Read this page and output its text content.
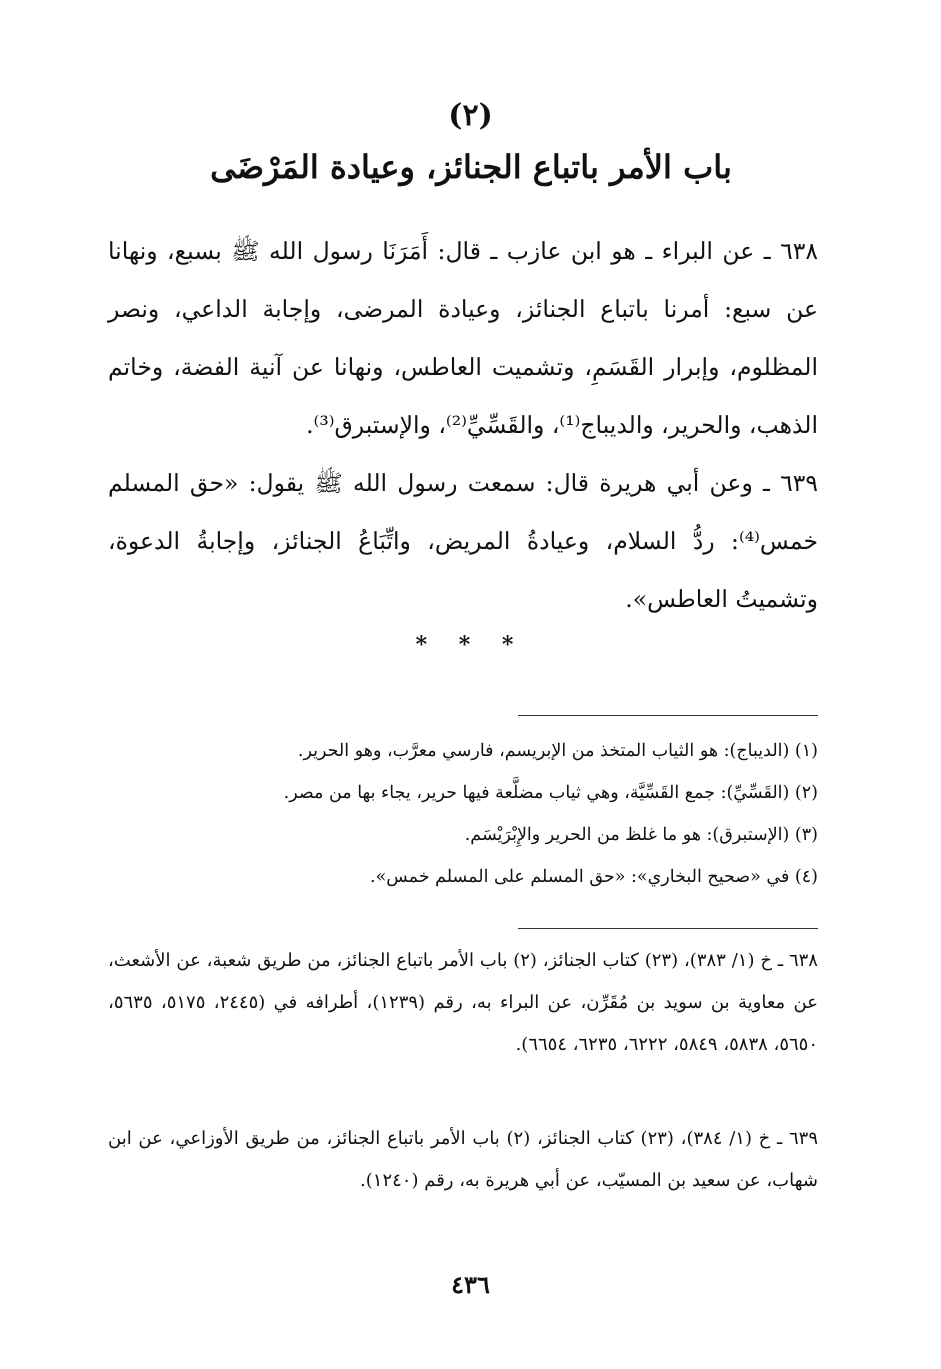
(٢)
باب الأمر باتباع الجنائز، وعيادة المَرْضَى

٦٣٨ ـ عن البراء ـ هو ابن عازب ـ قال: أَمَرَنَا رسول الله ﷺ بسبع، ونهانا عن سبع: أمرنا باتباع الجنائز، وعيادة المرضى، وإجابة الداعي، ونصر المظلوم، وإبرار القَسَمِ، وتشميت العاطس، ونهانا عن آنية الفضة، وخاتم الذهب، والحرير، والديباج⁽¹⁾، والقَسِّيِّ⁽²⁾، والإستبرق⁽³⁾.

٦٣٩ ـ وعن أبي هريرة قال: سمعت رسول الله ﷺ يقول: «حق المسلم خمس⁽⁴⁾: ردُّ السلام، وعيادةُ المريض، واتِّبَاعُ الجنائز، وإجابةُ الدعوة، وتشميتُ العاطس».

* * *
(١) (الديباج): هو الثياب المتخذ من الإبريسم، فارسي معرَّب، وهو الحرير.
(٢) (القَسِّيِّ): جمع القَسِّيَّة، وهي ثياب مضلَّعة فيها حرير، يجاء بها من مصر.
(٣) (الإستبرق): هو ما غلظ من الحرير والإِبْرَيْسَم.
(٤) في «صحيح البخاري»: «حق المسلم على المسلم خمس».

٦٣٨ ـ خ (١/ ٣٨٣)، (٢٣) كتاب الجنائز، (٢) باب الأمر باتباع الجنائز، من طريق شعبة، عن الأشعث، عن معاوية بن سويد بن مُقَرِّن، عن البراء به، رقم (١٢٣٩)، أطرافه في (٢٤٤٥، ٥١٧٥، ٥٦٣٥، ٥٦٥٠، ٥٨٣٨، ٥٨٤٩، ٦٢٢٢، ٦٢٣٥، ٦٦٥٤).

٦٣٩ ـ خ (١/ ٣٨٤)، (٢٣) كتاب الجنائز، (٢) باب الأمر باتباع الجنائز، من طريق الأوزاعي، عن ابن شهاب، عن سعيد بن المسيّب، عن أبي هريرة به، رقم (١٢٤٠).

٤٣٦
